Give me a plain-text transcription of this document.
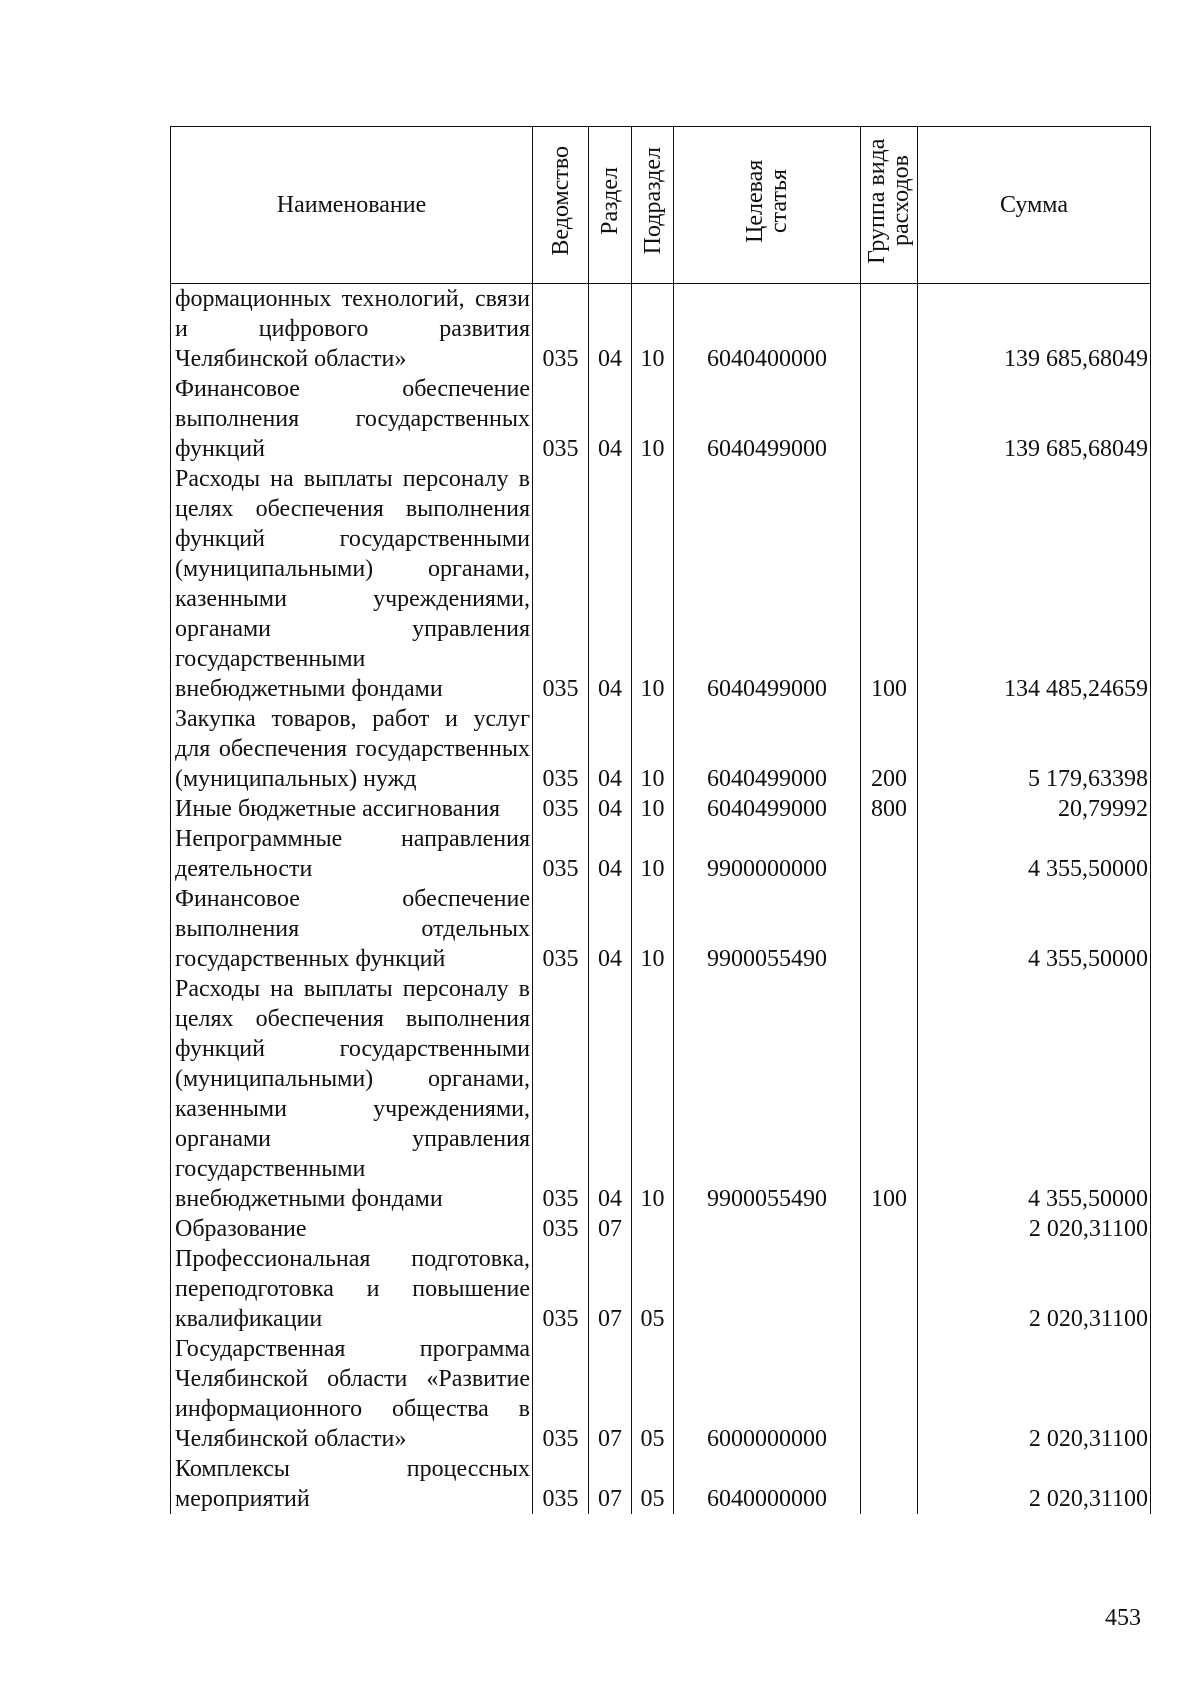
Наименование	Ведомство	Раздел	Подраздел	Целевая статья	Группа вида расходов	Сумма
формационных технологий, связи и цифрового развития Челябинской области»	035	04	10	6040400000		139 685,68049
Финансовое обеспечение выполнения государственных функций	035	04	10	6040499000		139 685,68049
Расходы на выплаты персоналу в целях обеспечения выполнения функций государственными (муниципальными) органами, казенными учреждениями, органами управления государственными внебюджетными фондами	035	04	10	6040499000	100	134 485,24659
Закупка товаров, работ и услуг для обеспечения государственных (муниципальных) нужд	035	04	10	6040499000	200	5 179,63398
Иные бюджетные ассигнования	035	04	10	6040499000	800	20,79992
Непрограммные направления деятельности	035	04	10	9900000000		4 355,50000
Финансовое обеспечение выполнения отдельных государственных функций	035	04	10	9900055490		4 355,50000
Расходы на выплаты персоналу в целях обеспечения выполнения функций государственными (муниципальными) органами, казенными учреждениями, органами управления государственными внебюджетными фондами	035	04	10	9900055490	100	4 355,50000
Образование	035	07				2 020,31100
Профессиональная подготовка, переподготовка и повышение квалификации	035	07	05			2 020,31100
Государственная программа Челябинской области «Развитие информационного общества в Челябинской области»	035	07	05	6000000000		2 020,31100
Комплексы процессных мероприятий	035	07	05	6040000000		2 020,31100
453
